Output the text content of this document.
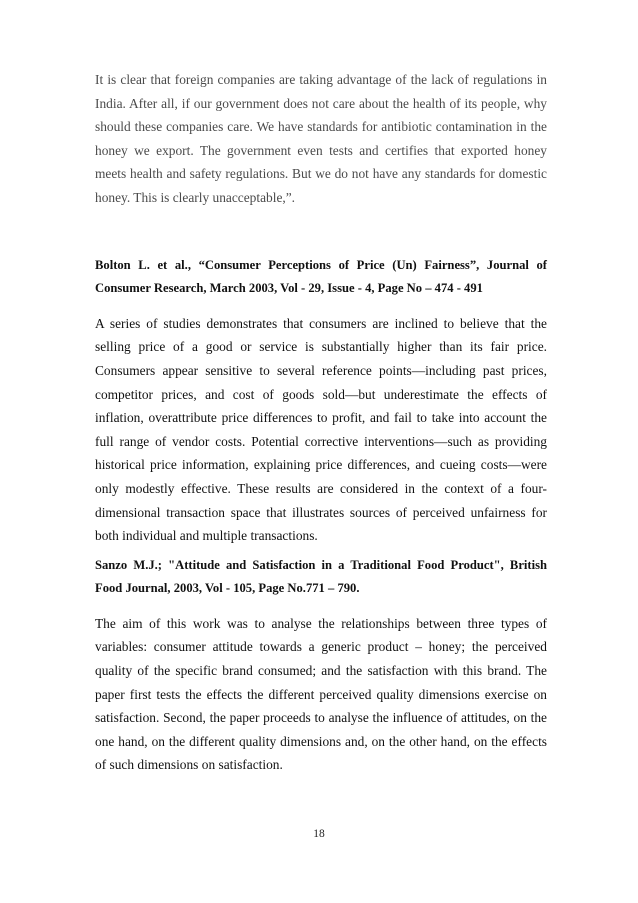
It is clear that foreign companies are taking advantage of the lack of regulations in India. After all, if our government does not care about the health of its people, why should these companies care. We have standards for antibiotic contamination in the honey we export. The government even tests and certifies that exported honey meets health and safety regulations. But we do not have any standards for domestic honey. This is clearly unacceptable,”.

Bolton L. et al., “Consumer Perceptions of Price (Un) Fairness”, Journal of Consumer Research, March 2003, Vol - 29, Issue - 4, Page No – 474 - 491

A series of studies demonstrates that consumers are inclined to believe that the selling price of a good or service is substantially higher than its fair price. Consumers appear sensitive to several reference points—including past prices, competitor prices, and cost of goods sold—but underestimate the effects of inflation, overattribute price differences to profit, and fail to take into account the full range of vendor costs. Potential corrective interventions—such as providing historical price information, explaining price differences, and cueing costs—were only modestly effective. These results are considered in the context of a four-dimensional transaction space that illustrates sources of perceived unfairness for both individual and multiple transactions.

Sanzo M.J.; "Attitude and Satisfaction in a Traditional Food Product", British Food Journal, 2003, Vol - 105, Page No.771 – 790.

The aim of this work was to analyse the relationships between three types of variables: consumer attitude towards a generic product – honey; the perceived quality of the specific brand consumed; and the satisfaction with this brand. The paper first tests the effects the different perceived quality dimensions exercise on satisfaction. Second, the paper proceeds to analyse the influence of attitudes, on the one hand, on the different quality dimensions and, on the other hand, on the effects of such dimensions on satisfaction.

18
